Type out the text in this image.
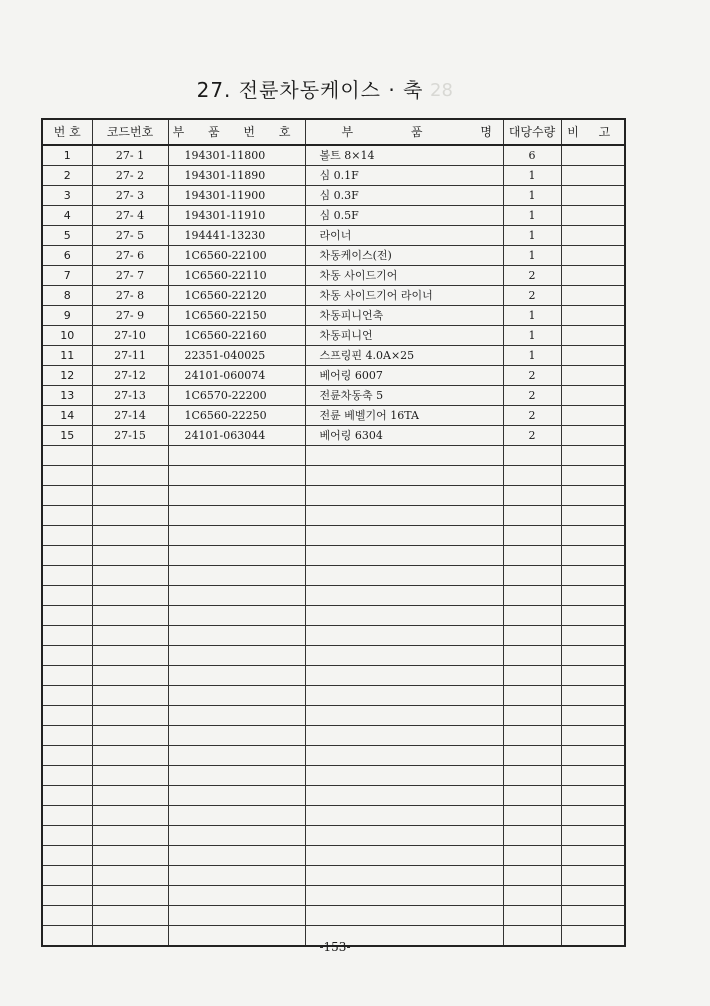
27. 전륜차동케이스 · 축 28
번 호	코드번호	부 품 번 호	부 품 명	대당수량	비 고
1	27- 1	194301-11800	볼트 8×14	6	
2	27- 2	194301-11890	심 0.1F	1	
3	27- 3	194301-11900	심 0.3F	1	
4	27- 4	194301-11910	심 0.5F	1	
5	27- 5	194441-13230	라이너	1	
6	27- 6	1C6560-22100	차동케이스(전)	1	
7	27- 7	1C6560-22110	차동 사이드기어	2	
8	27- 8	1C6560-22120	차동 사이드기어 라이너	2	
9	27- 9	1C6560-22150	차동피니언축	1	
10	27-10	1C6560-22160	차동피니언	1	
11	27-11	22351-040025	스프링핀 4.0A×25	1	
12	27-12	24101-060074	베어링 6007	2	
13	27-13	1C6570-22200	전륜차동축 5	2	
14	27-14	1C6560-22250	전륜 베벨기어 16TA	2	
15	27-15	24101-063044	베어링 6304	2	

-153-
